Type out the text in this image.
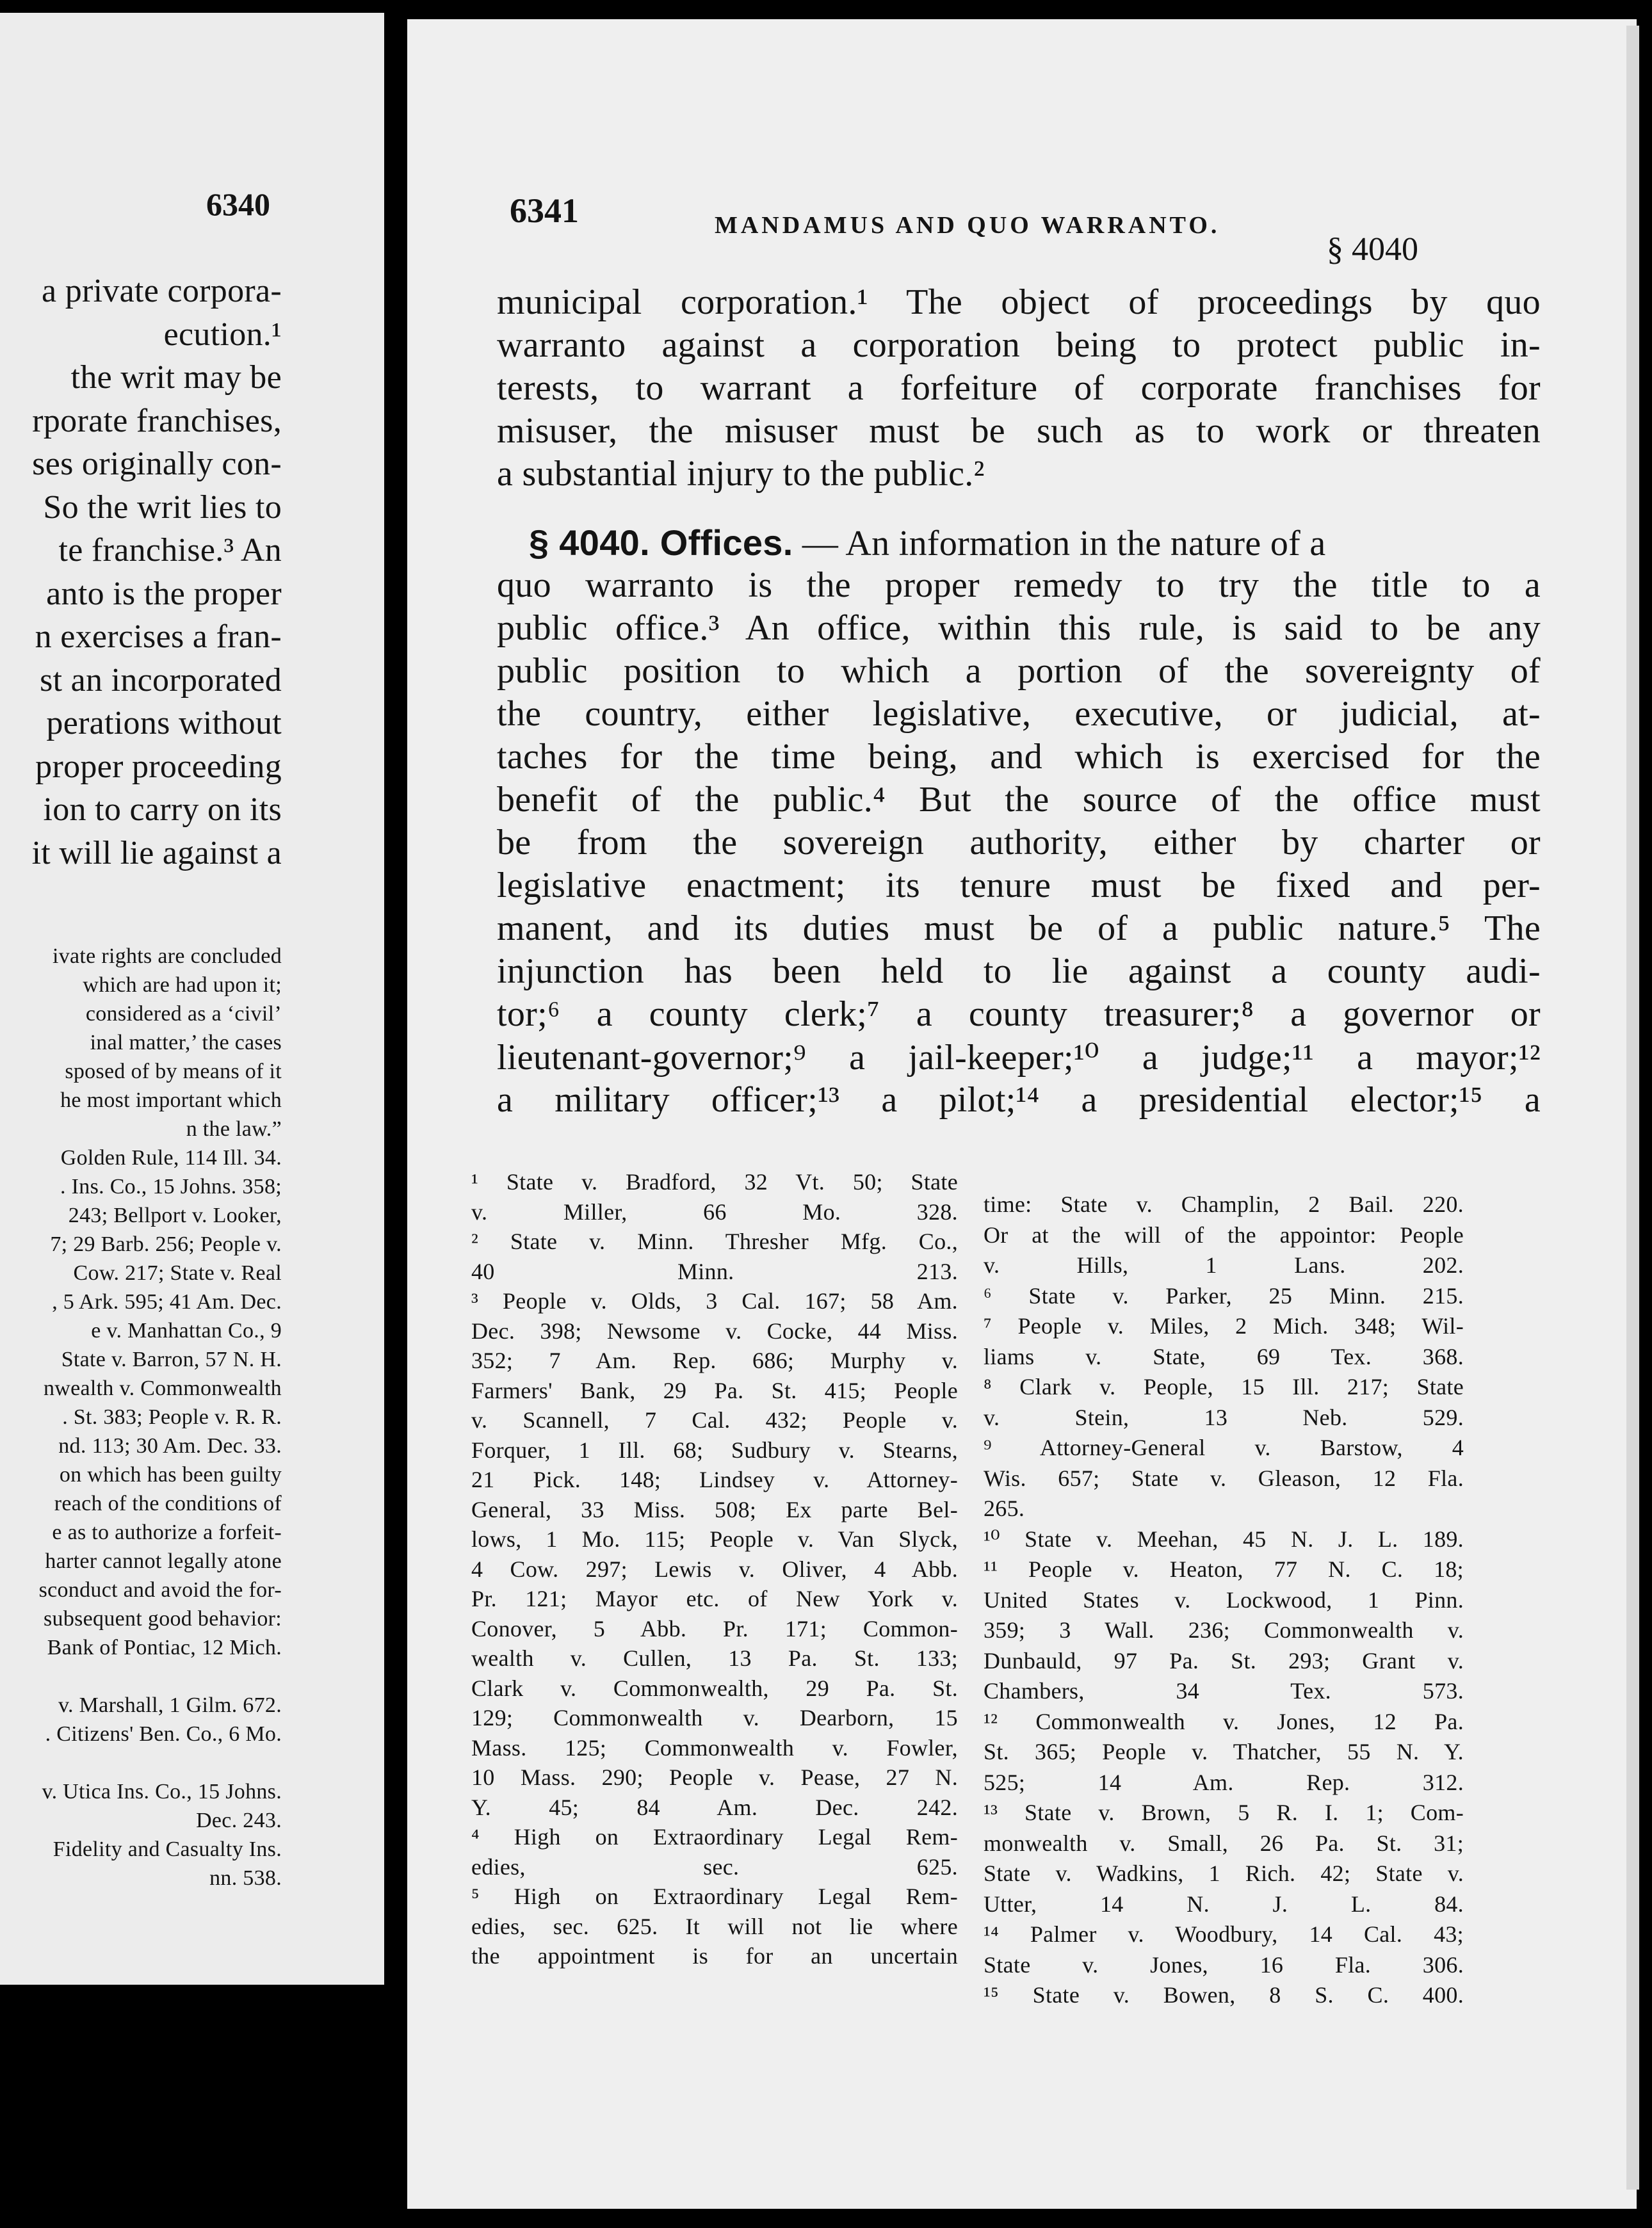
6340
a private corpora-
ecution.¹
the writ may be
rporate franchises,
ses originally con-
So the writ lies to
te franchise.³ An
anto is the proper
n exercises a fran-
st an incorporated
perations without
proper proceeding
ion to carry on its
it will lie against a
ivate rights are concluded
which are had upon it;
considered as a ‘civil’
inal matter,’ the cases
sposed of by means of it
he most important which
n the law.”
Golden Rule, 114 Ill. 34.
. Ins. Co., 15 Johns. 358;
243; Bellport v. Looker,
7; 29 Barb. 256; People v.
Cow. 217; State v. Real
, 5 Ark. 595; 41 Am. Dec.
e v. Manhattan Co., 9
State v. Barron, 57 N. H.
nwealth v. Commonwealth
. St. 383; People v. R. R.
nd. 113; 30 Am. Dec. 33.
on which has been guilty
reach of the conditions of
e as to authorize a forfeit-
harter cannot legally atone
sconduct and avoid the for-
subsequent good behavior:
Bank of Pontiac, 12 Mich.
v. Marshall, 1 Gilm. 672.
. Citizens' Ben. Co., 6 Mo.
v. Utica Ins. Co., 15 Johns.
Dec. 243.
Fidelity and Casualty Ins.
nn. 538.
6341	MANDAMUS AND QUO WARRANTO.
§ 4040
municipal corporation.¹ The object of proceedings by quo
warranto against a corporation being to protect public in-
terests, to warrant a forfeiture of corporate franchises for
misuser, the misuser must be such as to work or threaten
a substantial injury to the public.²
§ 4040. Offices. — An information in the nature of a
quo warranto is the proper remedy to try the title to a
public office.³ An office, within this rule, is said to be any
public position to which a portion of the sovereignty of
the country, either legislative, executive, or judicial, at-
taches for the time being, and which is exercised for the
benefit of the public.⁴ But the source of the office must
be from the sovereign authority, either by charter or
legislative enactment; its tenure must be fixed and per-
manent, and its duties must be of a public nature.⁵ The
injunction has been held to lie against a county audi-
tor;⁶ a county clerk;⁷ a county treasurer;⁸ a governor or
lieutenant-governor;⁹ a jail-keeper;¹⁰ a judge;¹¹ a mayor;¹²
a military officer;¹³ a pilot;¹⁴ a presidential elector;¹⁵ a
¹ State v. Bradford, 32 Vt. 50; State
v. Miller, 66 Mo. 328.
² State v. Minn. Thresher Mfg. Co.,
40 Minn. 213.
³ People v. Olds, 3 Cal. 167; 58 Am.
Dec. 398; Newsome v. Cocke, 44 Miss.
352; 7 Am. Rep. 686; Murphy v.
Farmers' Bank, 29 Pa. St. 415; People
v. Scannell, 7 Cal. 432; People v.
Forquer, 1 Ill. 68; Sudbury v. Stearns,
21 Pick. 148; Lindsey v. Attorney-
General, 33 Miss. 508; Ex parte Bel-
lows, 1 Mo. 115; People v. Van Slyck,
4 Cow. 297; Lewis v. Oliver, 4 Abb.
Pr. 121; Mayor etc. of New York v.
Conover, 5 Abb. Pr. 171; Common-
wealth v. Cullen, 13 Pa. St. 133;
Clark v. Commonwealth, 29 Pa. St.
129; Commonwealth v. Dearborn, 15
Mass. 125; Commonwealth v. Fowler,
10 Mass. 290; People v. Pease, 27 N.
Y. 45; 84 Am. Dec. 242.
⁴ High on Extraordinary Legal Rem-
edies, sec. 625.
⁵ High on Extraordinary Legal Rem-
edies, sec. 625. It will not lie where
the appointment is for an uncertain
time: State v. Champlin, 2 Bail. 220.
Or at the will of the appointor: People
v. Hills, 1 Lans. 202.
⁶ State v. Parker, 25 Minn. 215.
⁷ People v. Miles, 2 Mich. 348; Wil-
liams v. State, 69 Tex. 368.
⁸ Clark v. People, 15 Ill. 217; State
v. Stein, 13 Neb. 529.
⁹ Attorney-General v. Barstow, 4
Wis. 657; State v. Gleason, 12 Fla.
265.
¹⁰ State v. Meehan, 45 N. J. L. 189.
¹¹ People v. Heaton, 77 N. C. 18;
United States v. Lockwood, 1 Pinn.
359; 3 Wall. 236; Commonwealth v.
Dunbauld, 97 Pa. St. 293; Grant v.
Chambers, 34 Tex. 573.
¹² Commonwealth v. Jones, 12 Pa.
St. 365; People v. Thatcher, 55 N. Y.
525; 14 Am. Rep. 312.
¹³ State v. Brown, 5 R. I. 1; Com-
monwealth v. Small, 26 Pa. St. 31;
State v. Wadkins, 1 Rich. 42; State v.
Utter, 14 N. J. L. 84.
¹⁴ Palmer v. Woodbury, 14 Cal. 43;
State v. Jones, 16 Fla. 306.
¹⁵ State v. Bowen, 8 S. C. 400.
